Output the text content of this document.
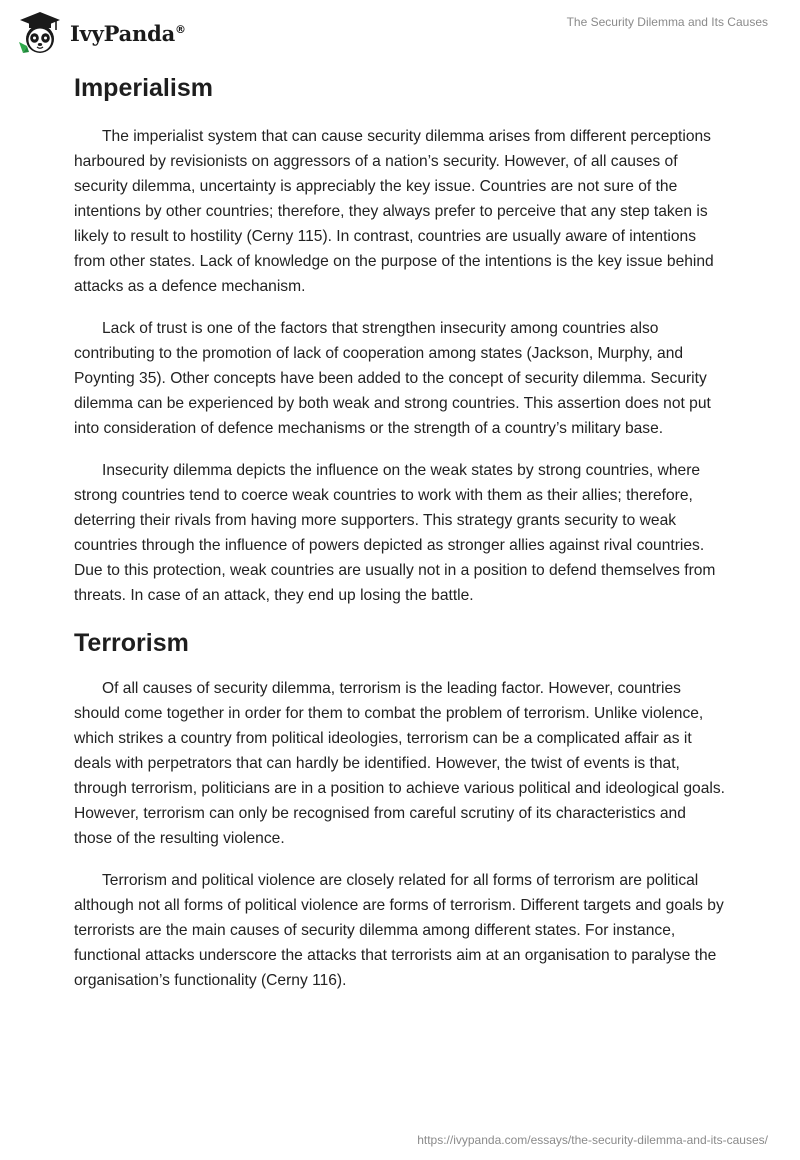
IvyPanda®	The Security Dilemma and Its Causes
Imperialism

The imperialist system that can cause security dilemma arises from different perceptions harboured by revisionists on aggressors of a nation’s security. However, of all causes of security dilemma, uncertainty is appreciably the key issue. Countries are not sure of the intentions by other countries; therefore, they always prefer to perceive that any step taken is likely to result to hostility (Cerny 115). In contrast, countries are usually aware of intentions from other states. Lack of knowledge on the purpose of the intentions is the key issue behind attacks as a defence mechanism.

Lack of trust is one of the factors that strengthen insecurity among countries also contributing to the promotion of lack of cooperation among states (Jackson, Murphy, and Poynting 35). Other concepts have been added to the concept of security dilemma. Security dilemma can be experienced by both weak and strong countries. This assertion does not put into consideration of defence mechanisms or the strength of a country’s military base.

Insecurity dilemma depicts the influence on the weak states by strong countries, where strong countries tend to coerce weak countries to work with them as their allies; therefore, deterring their rivals from having more supporters. This strategy grants security to weak countries through the influence of powers depicted as stronger allies against rival countries. Due to this protection, weak countries are usually not in a position to defend themselves from threats. In case of an attack, they end up losing the battle.

Terrorism

Of all causes of security dilemma, terrorism is the leading factor. However, countries should come together in order for them to combat the problem of terrorism. Unlike violence, which strikes a country from political ideologies, terrorism can be a complicated affair as it deals with perpetrators that can hardly be identified. However, the twist of events is that, through terrorism, politicians are in a position to achieve various political and ideological goals. However, terrorism can only be recognised from careful scrutiny of its characteristics and those of the resulting violence.

Terrorism and political violence are closely related for all forms of terrorism are political although not all forms of political violence are forms of terrorism. Different targets and goals by terrorists are the main causes of security dilemma among different states. For instance, functional attacks underscore the attacks that terrorists aim at an organisation to paralyse the organisation’s functionality (Cerny 116).

https://ivypanda.com/essays/the-security-dilemma-and-its-causes/
